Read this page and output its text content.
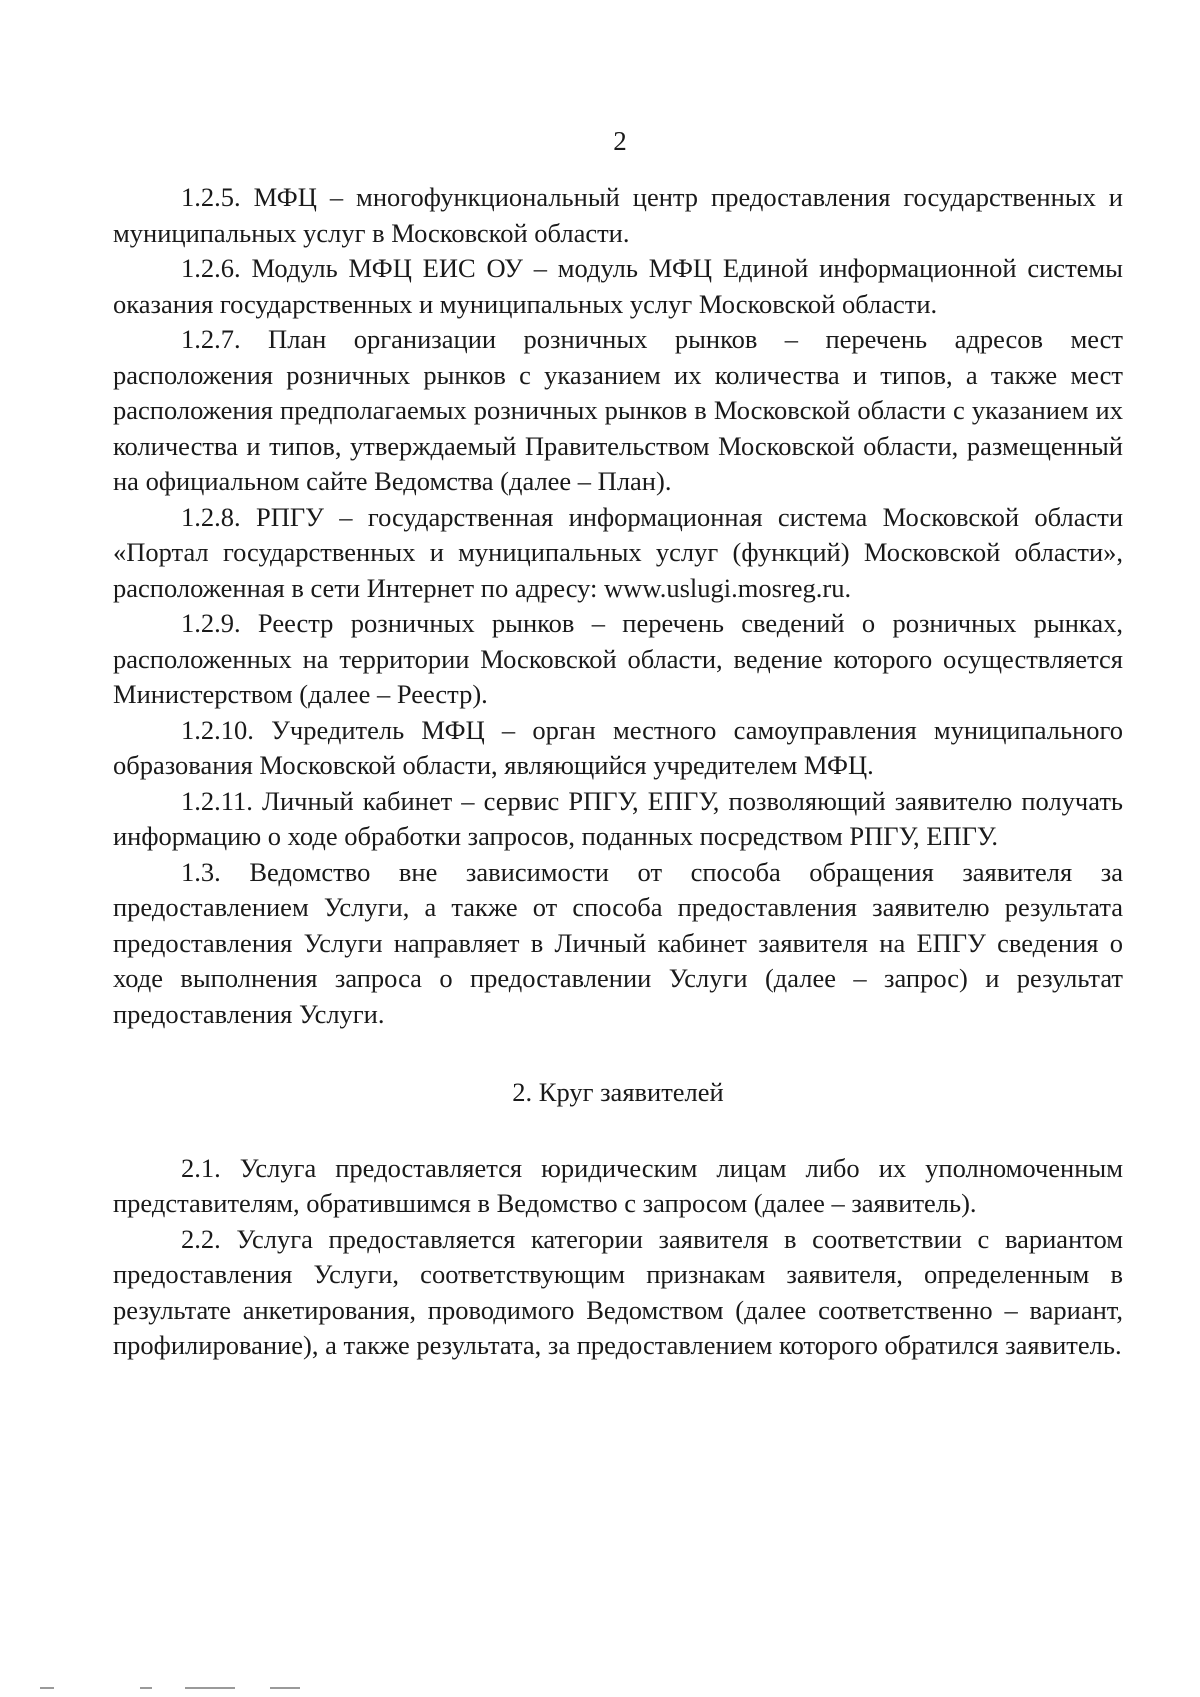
2

1.2.5. МФЦ – многофункциональный центр предоставления государственных и муниципальных услуг в Московской области.

1.2.6. Модуль МФЦ ЕИС ОУ – модуль МФЦ Единой информационной системы оказания государственных и муниципальных услуг Московской области.

1.2.7. План организации розничных рынков – перечень адресов мест расположения розничных рынков с указанием их количества и типов, а также мест расположения предполагаемых розничных рынков в Московской области с указанием их количества и типов, утверждаемый Правительством Московской области, размещенный на официальном сайте Ведомства (далее – План).

1.2.8. РПГУ – государственная информационная система Московской области «Портал государственных и муниципальных услуг (функций) Московской области», расположенная в сети Интернет по адресу: www.uslugi.mosreg.ru.

1.2.9. Реестр розничных рынков – перечень сведений о розничных рынках, расположенных на территории Московской области, ведение которого осуществляется Министерством (далее – Реестр).

1.2.10. Учредитель МФЦ – орган местного самоуправления муниципального образования Московской области, являющийся учредителем МФЦ.

1.2.11. Личный кабинет – сервис РПГУ, ЕПГУ, позволяющий заявителю получать информацию о ходе обработки запросов, поданных посредством РПГУ, ЕПГУ.

1.3. Ведомство вне зависимости от способа обращения заявителя за предоставлением Услуги, а также от способа предоставления заявителю результата предоставления Услуги направляет в Личный кабинет заявителя на ЕПГУ сведения о ходе выполнения запроса о предоставлении Услуги (далее – запрос) и результат предоставления Услуги.

2. Круг заявителей

2.1. Услуга предоставляется юридическим лицам либо их уполномоченным представителям, обратившимся в Ведомство с запросом (далее – заявитель).

2.2. Услуга предоставляется категории заявителя в соответствии с вариантом предоставления Услуги, соответствующим признакам заявителя, определенным в результате анкетирования, проводимого Ведомством (далее соответственно – вариант, профилирование), а также результата, за предоставлением которого обратился заявитель.
